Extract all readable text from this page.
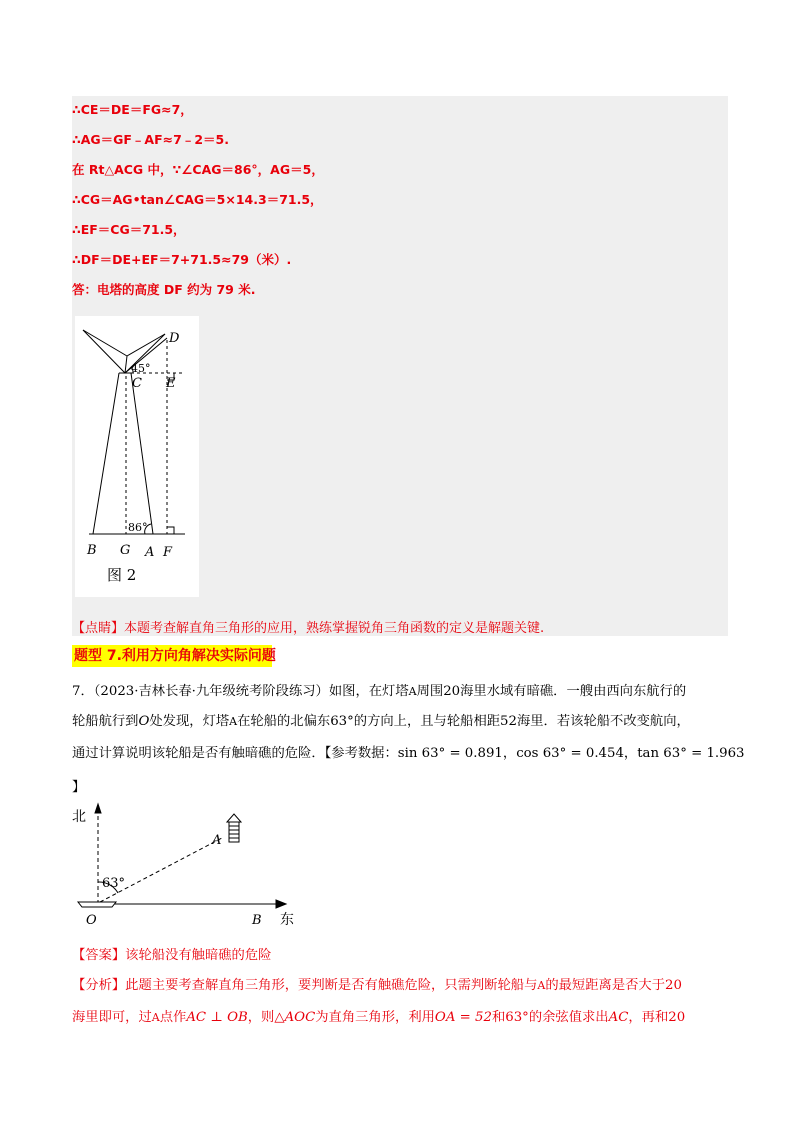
∴CE＝DE＝FG≈7，
∴AG＝GF﹣AF≈7﹣2＝5.
在 Rt△ACG 中，∵∠CAG＝86°，AG＝5，
∴CG＝AG•tan∠CAG＝5×14.3＝71.5，
∴EF＝CG＝71.5，
∴DF＝DE+EF＝7+71.5≈79（米）.
答：电塔的高度 DF 约为 79 米.
D
45°
C E
86°
B G A F
图 2
【点睛】本题考查解直角三角形的应用，熟练掌握锐角三角函数的定义是解题关键.
题型 7.利用方向角解决实际问题
7．（2023·吉林长春·九年级统考阶段练习）如图，在灯塔A周围20海里水域有暗礁．一艘由西向东航行的
轮船航行到O处发现，灯塔A在轮船的北偏东63°的方向上，且与轮船相距52海里．若该轮船不改变航向，
通过计算说明该轮船是否有触暗礁的危险．【参考数据：sin 63° = 0.891，cos 63° = 0.454，tan 63° = 1.963
】
北
A
63°
O	B 东
【答案】该轮船没有触暗礁的危险
【分析】此题主要考查解直角三角形，要判断是否有触礁危险，只需判断轮船与A的最短距离是否大于20
海里即可，过A点作AC ⊥ OB，则△AOC为直角三角形，利用OA = 52和63°的余弦值求出AC，再和20
